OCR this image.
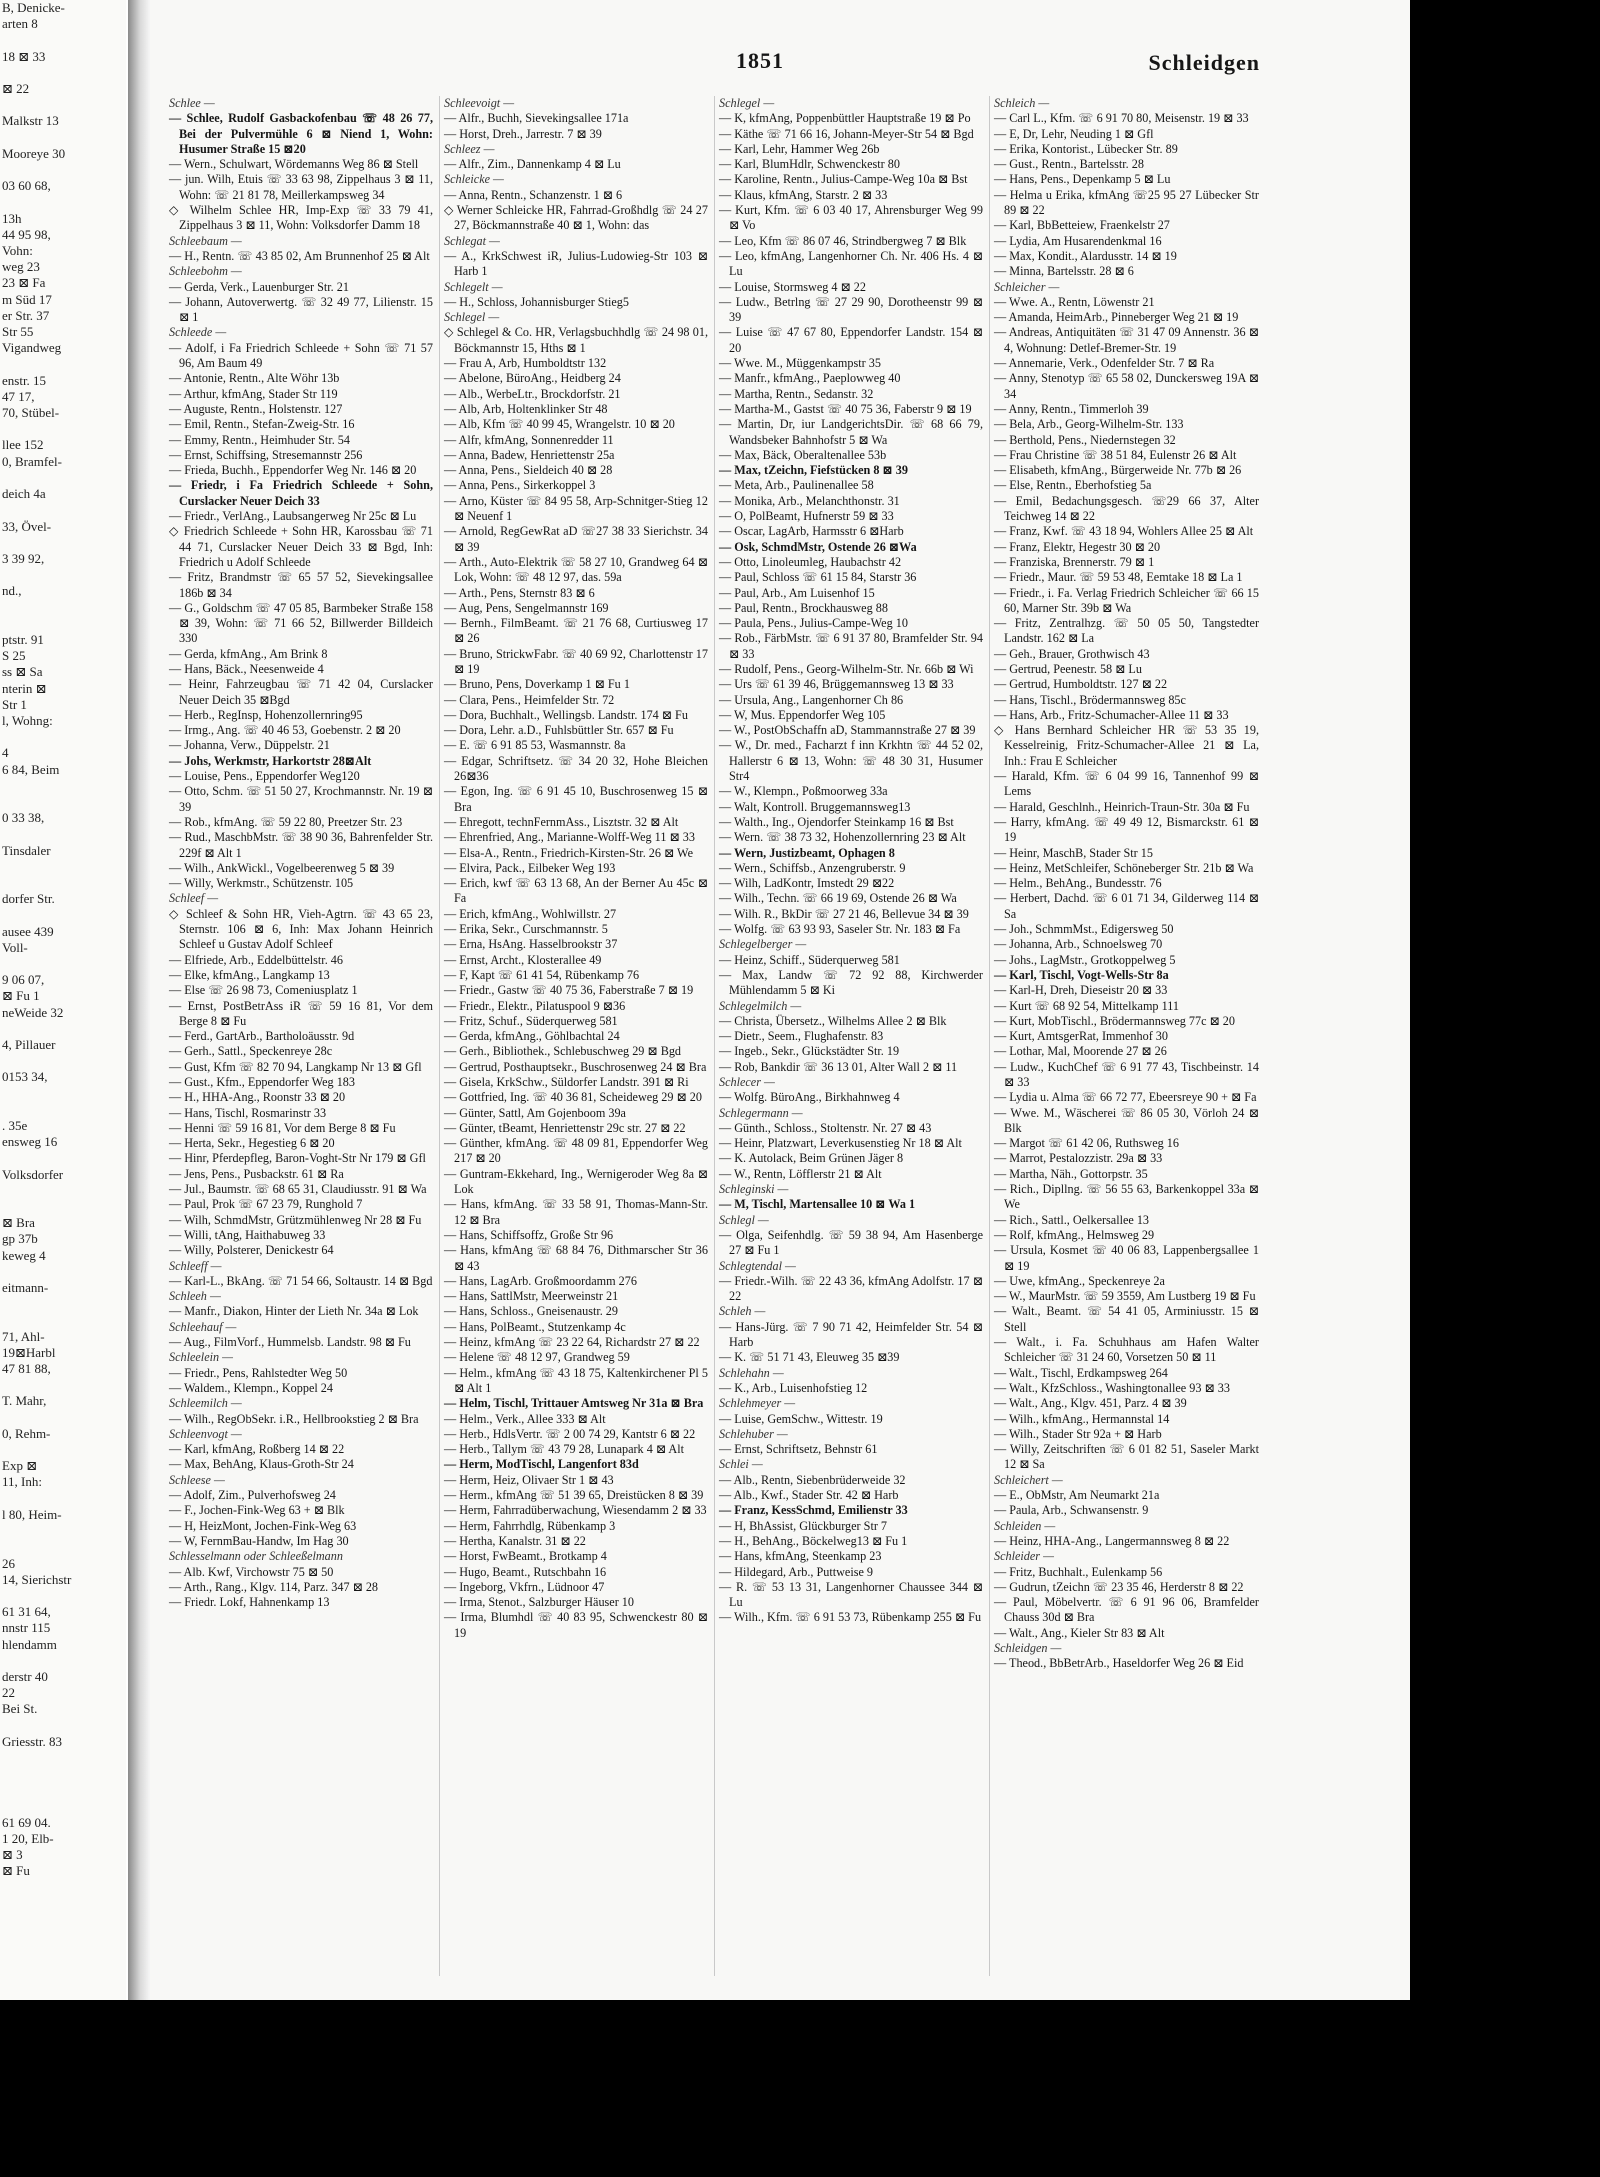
B, Denicke-
arten 8

18 ⊠ 33

⊠ 22

Malkstr 13

Mooreye 30

03 60 68,

13h
44 95 98,
Vohn:
weg 23
23 ⊠ Fa
m Süd 17
er Str. 37
Str 55
Vigandweg

enstr. 15
47 17,
70, Stübel-

llee 152
0, Bramfel-

deich 4a

33, Övel-

3 39 92,

nd.,

ptstr. 91
S 25
ss ⊠ Sa
nterin ⊠
Str 1
l, Wohng:

4
6 84, Beim

0 33 38,

Tinsdaler

dorfer Str.

ausee 439
Voll-

9 06 07,
⊠ Fu 1
neWeide 32

4, Pillauer

0153 34,

. 35e
ensweg 16

Volksdorfer

⊠ Bra
gp 37b
keweg 4

eitmann-

71, Ahl-
19⊠Harbl
47 81 88,

T. Mahr,

0, Rehm-

Exp ⊠
11, Inh:

l 80, Heim-

26
14, Sierichstr

61 31 64,
nnstr 115
hlendamm

derstr 40
22
Bei St.

Griesstr. 83

61 69 04.
1 20, Elb-
⊠ 3
⊠ Fu
1851	Schleidgen
Schlee —
— Schlee, Rudolf Gasbackofenbau ☏ 48 26 77, Bei der Pulvermühle 6 ⊠ Niend 1, Wohn: Husumer Straße 15 ⊠20
— Wern., Schulwart, Wördemanns Weg 86 ⊠ Stell
— jun. Wilh, Etuis ☏ 33 63 98, Zippelhaus 3 ⊠ 11, Wohn: ☏ 21 81 78, Meillerkampsweg 34
◇ Wilhelm Schlee HR, Imp-Exp ☏ 33 79 41, Zippelhaus 3 ⊠ 11, Wohn: Volksdorfer Damm 18
Schleebaum —
— H., Rentn. ☏ 43 85 02, Am Brunnenhof 25 ⊠ Alt
Schleebohm —
— Gerda, Verk., Lauenburger Str. 21
— Johann, Autoverwertg. ☏ 32 49 77, Lilienstr. 15 ⊠ 1
Schleede —
— Adolf, i Fa Friedrich Schleede + Sohn ☏ 71 57 96, Am Baum 49
— Antonie, Rentn., Alte Wöhr 13b
— Arthur, kfmAng, Stader Str 119
— Auguste, Rentn., Holstenstr. 127
— Emil, Rentn., Stefan-Zweig-Str. 16
— Emmy, Rentn., Heimhuder Str. 54
— Ernst, Schiffsing, Stresemannstr 256
— Frieda, Buchh., Eppendorfer Weg Nr. 146 ⊠ 20
— Friedr, i Fa Friedrich Schleede + Sohn, Curslacker Neuer Deich 33
— Friedr., VerlAng., Laubsangerweg Nr 25c ⊠ Lu
◇ Friedrich Schleede + Sohn HR, Karossbau ☏ 71 44 71, Curslacker Neuer Deich 33 ⊠ Bgd, Inh: Friedrich u Adolf Schleede
— Fritz, Brandmstr ☏ 65 57 52, Sievekingsallee 186b ⊠ 34
— G., Goldschm ☏ 47 05 85, Barmbeker Straße 158 ⊠ 39, Wohn: ☏ 71 66 52, Billwerder Billdeich 330
— Gerda, kfmAng., Am Brink 8
— Hans, Bäck., Neesenweide 4
— Heinr, Fahrzeugbau ☏ 71 42 04, Curslacker Neuer Deich 35 ⊠Bgd
— Herb., RegInsp, Hohenzollernring95
— Irmg., Ang. ☏ 40 46 53, Goebenstr. 2 ⊠ 20
— Johanna, Verw., Düppelstr. 21
— Johs, Werkmstr, Harkortstr 28⊠Alt
— Louise, Pens., Eppendorfer Weg120
— Otto, Schm. ☏ 51 50 27, Krochmannstr. Nr. 19 ⊠ 39
— Rob., kfmAng. ☏ 59 22 80, Preetzer Str. 23
— Rud., MaschbMstr. ☏ 38 90 36, Bahrenfelder Str. 229f ⊠ Alt 1
— Wilh., AnkWickl., Vogelbeerenweg 5 ⊠ 39
— Willy, Werkmstr., Schützenstr. 105
Schleef —
◇ Schleef & Sohn HR, Vieh-Agtrn. ☏ 43 65 23, Sternstr. 106 ⊠ 6, Inh: Max Johann Heinrich Schleef u Gustav Adolf Schleef
— Elfriede, Arb., Eddelbüttelstr. 46
— Elke, kfmAng., Langkamp 13
— Else ☏ 26 98 73, Comeniusplatz 1
— Ernst, PostBetrAss iR ☏ 59 16 81, Vor dem Berge 8 ⊠ Fu
— Ferd., GartArb., Bartholoäusstr. 9d
— Gerh., Sattl., Speckenreye 28c
— Gust, Kfm ☏ 82 70 94, Langkamp Nr 13 ⊠ Gfl
— Gust., Kfm., Eppendorfer Weg 183
— H., HHA-Ang., Roonstr 33 ⊠ 20
— Hans, Tischl, Rosmarinstr 33
— Henni ☏ 59 16 81, Vor dem Berge 8 ⊠ Fu
— Herta, Sekr., Hegestieg 6 ⊠ 20
— Hinr, Pferdepfleg, Baron-Voght-Str Nr 179 ⊠ Gfl
— Jens, Pens., Pusbackstr. 61 ⊠ Ra
— Jul., Baumstr. ☏ 68 65 31, Claudiusstr. 91 ⊠ Wa
— Paul, Prok ☏ 67 23 79, Runghold 7
— Wilh, SchmdMstr, Grützmühlenweg Nr 28 ⊠ Fu
— Willi, tAng, Haithabuweg 33
— Willy, Polsterer, Denickestr 64
Schleeff —
— Karl-L., BkAng. ☏ 71 54 66, Soltaustr. 14 ⊠ Bgd
Schleeh —
— Manfr., Diakon, Hinter der Lieth Nr. 34a ⊠ Lok
Schleehauf —
— Aug., FilmVorf., Hummelsb. Landstr. 98 ⊠ Fu
Schleelein —
— Friedr., Pens, Rahlstedter Weg 50
— Waldem., Klempn., Koppel 24
Schleemilch —
— Wilh., RegObSekr. i.R., Hellbrookstieg 2 ⊠ Bra
Schleenvogt —
— Karl, kfmAng, Roßberg 14 ⊠ 22
— Max, BehAng, Klaus-Groth-Str 24
Schleese —
— Adolf, Zim., Pulverhofsweg 24
— F., Jochen-Fink-Weg 63 + ⊠ Blk
— H, HeizMont, Jochen-Fink-Weg 63
— W, FernmBau-Handw, Im Hag 30
Schlesselmann oder Schleeßelmann
— Alb. Kwf, Virchowstr 75 ⊠ 50
— Arth., Rang., Klgv. 114, Parz. 347 ⊠ 28
— Friedr. Lokf, Hahnenkamp 13
Schleevoigt —
— Alfr., Buchh, Sievekingsallee 171a
— Horst, Dreh., Jarrestr. 7 ⊠ 39
Schleez —
— Alfr., Zim., Dannenkamp 4 ⊠ Lu
Schleicke —
— Anna, Rentn., Schanzenstr. 1 ⊠ 6
◇ Werner Schleicke HR, Fahrrad-Großhdlg ☏ 24 27 27, Böckmannstraße 40 ⊠ 1, Wohn: das
Schlegat —
— A., KrkSchwest iR, Julius-Ludowieg-Str 103 ⊠ Harb 1
Schlegelt —
— H., Schloss, Johannisburger Stieg5
Schlegel —
◇ Schlegel & Co. HR, Verlagsbuchhdlg ☏ 24 98 01, Böckmannstr 15, Hths ⊠ 1
— Frau A, Arb, Humboldtstr 132
— Abelone, BüroAng., Heidberg 24
— Alb., WerbeLtr., Brockdorfstr. 21
— Alb, Arb, Holtenklinker Str 48
— Alb, Kfm ☏ 40 99 45, Wrangelstr. 10 ⊠ 20
— Alfr, kfmAng, Sonnenredder 11
— Anna, Badew, Henriettenstr 25a
— Anna, Pens., Sieldeich 40 ⊠ 28
— Anna, Pens., Sirkerkoppel 3
— Arno, Küster ☏ 84 95 58, Arp-Schnitger-Stieg 12 ⊠ Neuenf 1
— Arnold, RegGewRat aD ☏27 38 33 Sierichstr. 34 ⊠ 39
— Arth., Auto-Elektrik ☏ 58 27 10, Grandweg 64 ⊠ Lok, Wohn: ☏ 48 12 97, das. 59a
— Arth., Pens, Sternstr 83 ⊠ 6
— Aug, Pens, Sengelmannstr 169
— Bernh., FilmBeamt. ☏ 21 76 68, Curtiusweg 17 ⊠ 26
— Bruno, StrickwFabr. ☏ 40 69 92, Charlottenstr 17 ⊠ 19
— Bruno, Pens, Doverkamp 1 ⊠ Fu 1
— Clara, Pens., Heimfelder Str. 72
— Dora, Buchhalt., Wellingsb. Landstr. 174 ⊠ Fu
— Dora, Lehr. a.D., Fuhlsbüttler Str. 657 ⊠ Fu
— E. ☏ 6 91 85 53, Wasmannstr. 8a
— Edgar, Schriftsetz. ☏ 34 20 32, Hohe Bleichen 26⊠36
— Egon, Ing. ☏ 6 91 45 10, Buschrosenweg 15 ⊠ Bra
— Ehregott, technFernmAss., Lisztstr. 32 ⊠ Alt
— Ehrenfried, Ang., Marianne-Wolff-Weg 11 ⊠ 33
— Elsa-A., Rentn., Friedrich-Kirsten-Str. 26 ⊠ We
— Elvira, Pack., Eilbeker Weg 193
— Erich, kwf ☏ 63 13 68, An der Berner Au 45c ⊠ Fa
— Erich, kfmAng., Wohlwillstr. 27
— Erika, Sekr., Curschmannstr. 5
— Erna, HsAng. Hasselbrookstr 37
— Ernst, Archt., Klosterallee 49
— F, Kapt ☏ 61 41 54, Rübenkamp 76
— Friedr., Gastw ☏ 40 75 36, Faberstraße 7 ⊠ 19
— Friedr., Elektr., Pilatuspool 9 ⊠36
— Fritz, Schuf., Süderquerweg 581
— Gerda, kfmAng., Göhlbachtal 24
— Gerh., Bibliothek., Schlebuschweg 29 ⊠ Bgd
— Gertrud, Posthauptsekr., Buschrosenweg 24 ⊠ Bra
— Gisela, KrkSchw., Süldorfer Landstr. 391 ⊠ Ri
— Gottfried, Ing. ☏ 40 36 81, Scheideweg 29 ⊠ 20
— Günter, Sattl, Am Gojenboom 39a
— Günter, tBeamt, Henriettenstr 29c str. 27 ⊠ 22
— Günther, kfmAng. ☏ 48 09 81, Eppendorfer Weg 217 ⊠ 20
— Guntram-Ekkehard, Ing., Wernigeroder Weg 8a ⊠ Lok
— Hans, kfmAng. ☏ 33 58 91, Thomas-Mann-Str. 12 ⊠ Bra
— Hans, Schiffsoffz, Große Str 96
— Hans, kfmAng ☏ 68 84 76, Dithmarscher Str 36 ⊠ 43
— Hans, LagArb. Großmoordamm 276
— Hans, SattlMstr, Meerweinstr 21
— Hans, Schloss., Gneisenaustr. 29
— Hans, PolBeamt., Stutzenkamp 4c
— Heinz, kfmAng ☏ 23 22 64, Richardstr 27 ⊠ 22
— Helene ☏ 48 12 97, Grandweg 59
— Helm., kfmAng ☏ 43 18 75, Kaltenkirchener Pl 5 ⊠ Alt 1
— Helm, Tischl, Trittauer Amtsweg Nr 31a ⊠ Bra
— Helm., Verk., Allee 333 ⊠ Alt
— Herb., HdlsVertr. ☏ 2 00 74 29, Kantstr 6 ⊠ 22
— Herb., Tallym ☏ 43 79 28, Lunapark 4 ⊠ Alt
— Herm, ModTischl, Langenfort 83d
— Herm, Heiz, Olivaer Str 1 ⊠ 43
— Herm., kfmAng ☏ 51 39 65, Dreistücken 8 ⊠ 39
— Herm, Fahrradüberwachung, Wiesendamm 2 ⊠ 33
— Herm, Fahrrhdlg, Rübenkamp 3
— Hertha, Kanalstr. 31 ⊠ 22
— Horst, FwBeamt., Brotkamp 4
— Hugo, Beamt., Rutschbahn 16
— Ingeborg, Vkfrn., Lüdnoor 47
— Irma, Stenot., Salzburger Häuser 10
— Irma, Blumhdl ☏ 40 83 95, Schwenckestr 80 ⊠ 19
Schlegel —
— K, kfmAng, Poppenbüttler Hauptstraße 19 ⊠ Po
— Käthe ☏ 71 66 16, Johann-Meyer-Str 54 ⊠ Bgd
— Karl, Lehr, Hammer Weg 26b
— Karl, BlumHdlr, Schwenckestr 80
— Karoline, Rentn., Julius-Campe-Weg 10a ⊠ Bst
— Klaus, kfmAng, Starstr. 2 ⊠ 33
— Kurt, Kfm. ☏ 6 03 40 17, Ahrensburger Weg 99 ⊠ Vo
— Leo, Kfm ☏ 86 07 46, Strindbergweg 7 ⊠ Blk
— Leo, kfmAng, Langenhorner Ch. Nr. 406 Hs. 4 ⊠ Lu
— Louise, Stormsweg 4 ⊠ 22
— Ludw., Betrlng ☏ 27 29 90, Dorotheenstr 99 ⊠ 39
— Luise ☏ 47 67 80, Eppendorfer Landstr. 154 ⊠ 20
— Wwe. M., Müggenkampstr 35
— Manfr., kfmAng., Paeplowweg 40
— Martha, Rentn., Sedanstr. 32
— Martha-M., Gastst ☏ 40 75 36, Faberstr 9 ⊠ 19
— Martin, Dr, iur LandgerichtsDir. ☏ 68 66 79, Wandsbeker Bahnhofstr 5 ⊠ Wa
— Max, Bäck, Oberaltenallee 53b
— Max, tZeichn, Fiefstücken 8 ⊠ 39
— Meta, Arb., Paulinenallee 58
— Monika, Arb., Melanchthonstr. 31
— O, PolBeamt, Hufnerstr 59 ⊠ 33
— Oscar, LagArb, Harmsstr 6 ⊠Harb
— Osk, SchmdMstr, Ostende 26 ⊠Wa
— Otto, Linoleumleg, Haubachstr 42
— Paul, Schloss ☏ 61 15 84, Starstr 36
— Paul, Arb., Am Luisenhof 15
— Paul, Rentn., Brockhausweg 88
— Paula, Pens., Julius-Campe-Weg 10
— Rob., FärbMstr. ☏ 6 91 37 80, Bramfelder Str. 94 ⊠ 33
— Rudolf, Pens., Georg-Wilhelm-Str. Nr. 66b ⊠ Wi
— Urs ☏ 61 39 46, Brüggemannsweg 13 ⊠ 33
— Ursula, Ang., Langenhorner Ch 86
— W, Mus. Eppendorfer Weg 105
— W., PostObSchaffn aD, Stammannstraße 27 ⊠ 39
— W., Dr. med., Facharzt f inn Krkhtn ☏ 44 52 02, Hallerstr 6 ⊠ 13, Wohn: ☏ 48 30 31, Husumer Str4
— W., Klempn., Poßmoorweg 33a
— Walt, Kontroll. Bruggemannsweg13
— Walth., Ing., Ojendorfer Steinkamp 16 ⊠ Bst
— Wern. ☏ 38 73 32, Hohenzollernring 23 ⊠ Alt
— Wern, Justizbeamt, Ophagen 8
— Wern., Schiffsb., Anzengruberstr. 9
— Wilh, LadKontr, Imstedt 29 ⊠22
— Wilh., Techn. ☏ 66 19 69, Ostende 26 ⊠ Wa
— Wilh. R., BkDir ☏ 27 21 46, Bellevue 34 ⊠ 39
— Wolfg. ☏ 63 93 93, Saseler Str. Nr. 183 ⊠ Fa
Schlegelberger —
— Heinz, Schiff., Süderquerweg 581
— Max, Landw ☏ 72 92 88, Kirchwerder Mühlendamm 5 ⊠ Ki
Schlegelmilch —
— Christa, Übersetz., Wilhelms Allee 2 ⊠ Blk
— Dietr., Seem., Flughafenstr. 83
— Ingeb., Sekr., Glückstädter Str. 19
— Rob, Bankdir ☏ 36 13 01, Alter Wall 2 ⊠ 11
Schlecer —
— Wolfg. BüroAng., Birkhahnweg 4
Schlegermann —
— Günth., Schloss., Stoltenstr. Nr. 27 ⊠ 43
— Heinr, Platzwart, Leverkusenstieg Nr 18 ⊠ Alt
— K. Autolack, Beim Grünen Jäger 8
— W., Rentn, Löfflerstr 21 ⊠ Alt
Schleginski —
— M, Tischl, Martensallee 10 ⊠ Wa 1
Schlegl —
— Olga, Seifenhdlg. ☏ 59 38 94, Am Hasenberge 27 ⊠ Fu 1
Schlegtendal —
— Friedr.-Wilh. ☏ 22 43 36, kfmAng Adolfstr. 17 ⊠ 22
Schleh —
— Hans-Jürg. ☏ 7 90 71 42, Heimfelder Str. 54 ⊠ Harb
— K. ☏ 51 71 43, Eleuweg 35 ⊠39
Schlehahn —
— K., Arb., Luisenhofstieg 12
Schlehmeyer —
— Luise, GemSchw., Wittestr. 19
Schlehuber —
— Ernst, Schriftsetz, Behnstr 61
Schlei —
— Alb., Rentn, Siebenbrüderweide 32
— Alb., Kwf., Stader Str. 42 ⊠ Harb
— Franz, KessSchmd, Emilienstr 33
— H, BhAssist, Glückburger Str 7
— H., BehAng., Böckelweg13 ⊠ Fu 1
— Hans, kfmAng, Steenkamp 23
— Hildegard, Arb., Puttweise 9
— R. ☏ 53 13 31, Langenhorner Chaussee 344 ⊠ Lu
— Wilh., Kfm. ☏ 6 91 53 73, Rübenkamp 255 ⊠ Fu
Schleich —
— Carl L., Kfm. ☏ 6 91 70 80, Meisenstr. 19 ⊠ 33
— E, Dr, Lehr, Neuding 1 ⊠ Gfl
— Erika, Kontorist., Lübecker Str. 89
— Gust., Rentn., Bartelsstr. 28
— Hans, Pens., Depenkamp 5 ⊠ Lu
— Helma u Erika, kfmAng ☏25 95 27 Lübecker Str 89 ⊠ 22
— Karl, BbBetteiew, Fraenkelstr 27
— Lydia, Am Husarendenkmal 16
— Max, Kondit., Alardusstr. 14 ⊠ 19
— Minna, Bartelsstr. 28 ⊠ 6
Schleicher —
— Wwe. A., Rentn, Löwenstr 21
— Amanda, HeimArb., Pinneberger Weg 21 ⊠ 19
— Andreas, Antiquitäten ☏ 31 47 09 Annenstr. 36 ⊠ 4, Wohnung: Detlef-Bremer-Str. 19
— Annemarie, Verk., Odenfelder Str. 7 ⊠ Ra
— Anny, Stenotyp ☏ 65 58 02, Dunckersweg 19A ⊠ 34
— Anny, Rentn., Timmerloh 39
— Bela, Arb., Georg-Wilhelm-Str. 133
— Berthold, Pens., Niedernstegen 32
— Frau Christine ☏ 38 51 84, Eulenstr 26 ⊠ Alt
— Elisabeth, kfmAng., Bürgerweide Nr. 77b ⊠ 26
— Else, Rentn., Eberhofstieg 5a
— Emil, Bedachungsgesch. ☏29 66 37, Alter Teichweg 14 ⊠ 22
— Franz, Kwf. ☏ 43 18 94, Wohlers Allee 25 ⊠ Alt
— Franz, Elektr, Hegestr 30 ⊠ 20
— Franziska, Brennerstr. 79 ⊠ 1
— Friedr., Maur. ☏ 59 53 48, Eemtake 18 ⊠ La 1
— Friedr., i. Fa. Verlag Friedrich Schleicher ☏ 66 15 60, Marner Str. 39b ⊠ Wa
— Fritz, Zentralhzg. ☏ 50 05 50, Tangstedter Landstr. 162 ⊠ La
— Geh., Brauer, Grothwisch 43
— Gertrud, Peenestr. 58 ⊠ Lu
— Gertrud, Humboldtstr. 127 ⊠ 22
— Hans, Tischl., Brödermannsweg 85c
— Hans, Arb., Fritz-Schumacher-Allee 11 ⊠ 33
◇ Hans Bernhard Schleicher HR ☏ 53 35 19, Kesselreinig, Fritz-Schumacher-Allee 21 ⊠ La, Inh.: Frau E Schleicher
— Harald, Kfm. ☏ 6 04 99 16, Tannenhof 99 ⊠ Lems
— Harald, Geschlnh., Heinrich-Traun-Str. 30a ⊠ Fu
— Harry, kfmAng. ☏ 49 49 12, Bismarckstr. 61 ⊠ 19
— Heinr, MaschB, Stader Str 15
— Heinz, MetSchleifer, Schöneberger Str. 21b ⊠ Wa
— Helm., BehAng., Bundesstr. 76
— Herbert, Dachd. ☏ 6 01 71 34, Gilderweg 114 ⊠ Sa
— Joh., SchmmMst., Edigersweg 50
— Johanna, Arb., Schnoelsweg 70
— Johs., LagMstr., Grotkoppelweg 5
— Karl, Tischl, Vogt-Wells-Str 8a
— Karl-H, Dreh, Dieseistr 20 ⊠ 33
— Kurt ☏ 68 92 54, Mittelkamp 111
— Kurt, MobTischl., Brödermannsweg 77c ⊠ 20
— Kurt, AmtsgerRat, Immenhof 30
— Lothar, Mal, Moorende 27 ⊠ 26
— Ludw., KuchChef ☏ 6 91 77 43, Tischbeinstr. 14 ⊠ 33
— Lydia u. Alma ☏ 66 72 77, Ebeersreye 90 + ⊠ Fa
— Wwe. M., Wäscherei ☏ 86 05 30, Vörloh 24 ⊠ Blk
— Margot ☏ 61 42 06, Ruthsweg 16
— Marrot, Pestalozzistr. 29a ⊠ 33
— Martha, Näh., Gottorpstr. 35
— Rich., Dipllng. ☏ 56 55 63, Barkenkoppel 33a ⊠ We
— Rich., Sattl., Oelkersallee 13
— Rolf, kfmAng., Helmsweg 29
— Ursula, Kosmet ☏ 40 06 83, Lappenbergsallee 1 ⊠ 19
— Uwe, kfmAng., Speckenreye 2a
— W., MaurMstr. ☏ 59 3559, Am Lustberg 19 ⊠ Fu
— Walt., Beamt. ☏ 54 41 05, Arminiusstr. 15 ⊠ Stell
— Walt., i. Fa. Schuhhaus am Hafen Walter Schleicher ☏ 31 24 60, Vorsetzen 50 ⊠ 11
— Walt., Tischl, Erdkampsweg 264
— Walt., KfzSchloss., Washingtonallee 93 ⊠ 33
— Walt., Ang., Klgv. 451, Parz. 4 ⊠ 39
— Wilh., kfmAng., Hermannstal 14
— Wilh., Stader Str 92a + ⊠ Harb
— Willy, Zeitschriften ☏ 6 01 82 51, Saseler Markt 12 ⊠ Sa
Schleichert —
— E., ObMstr, Am Neumarkt 21a
— Paula, Arb., Schwansenstr. 9
Schleiden —
— Heinz, HHA-Ang., Langermannsweg 8 ⊠ 22
Schleider —
— Fritz, Buchhalt., Eulenkamp 56
— Gudrun, tZeichn ☏ 23 35 46, Herderstr 8 ⊠ 22
— Paul, Möbelvertr. ☏ 6 91 96 06, Bramfelder Chauss 30d ⊠ Bra
— Walt., Ang., Kieler Str 83 ⊠ Alt
Schleidgen —
— Theod., BbBetrArb., Haseldorfer Weg 26 ⊠ Eid
